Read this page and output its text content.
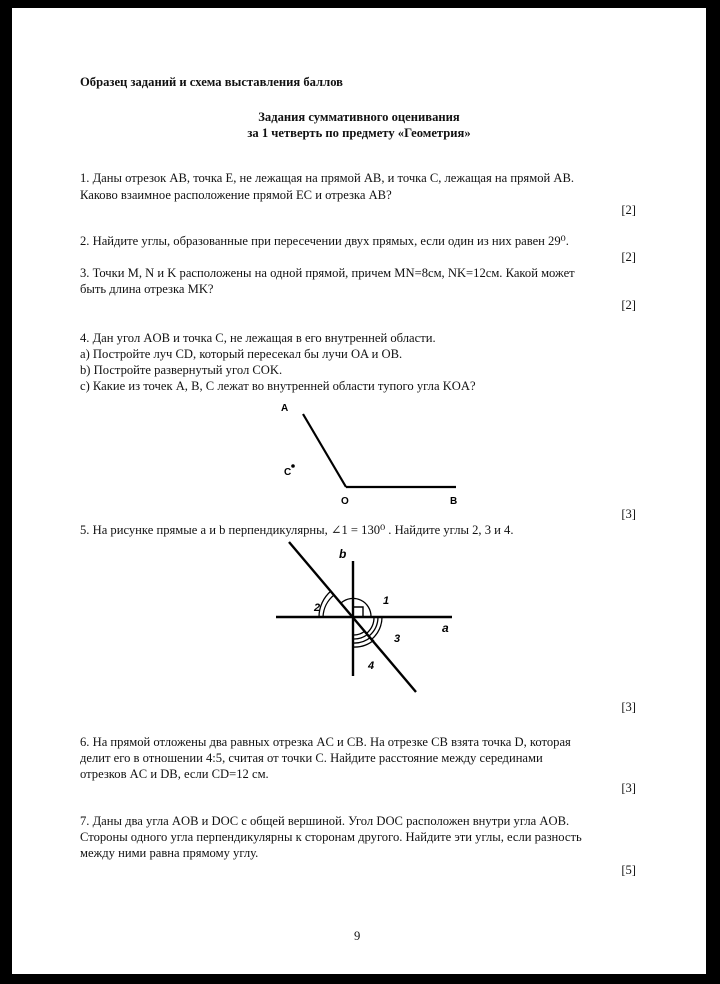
Образец заданий и схема выставления баллов
Задания суммативного оценивания
за 1 четверть по предмету «Геометрия»
1. Даны отрезок AB, точка E, не лежащая на прямой AB, и точка C, лежащая на прямой AB.
Каково взаимное расположение прямой EC и отрезка AB?
[2]
2. Найдите углы, образованные при пересечении двух прямых, если один из них равен 29⁰.
[2]
3. Точки M, N и K расположены на одной прямой, причем MN=8см, NK=12см. Какой может
быть длина отрезка MK?
[2]
4. Дан угол AOB и точка C, не лежащая в его внутренней области.
a) Постройте луч CD, который пересекал бы лучи OA и OB.
b) Постройте развернутый угол COK.
c) Какие из точек A, B, C лежат во внутренней области тупого угла KOA?
A
C
O	B
[3]
5. На рисунке прямые a и b перпендикулярны, ∠1 = 130⁰ . Найдите углы 2, 3 и 4.
b
2
1
a
3
4
[3]
6. На прямой отложены два равных отрезка AC и CB. На отрезке CB взята точка D, которая
делит его в отношении 4:5, считая от точки C. Найдите расстояние между серединами
отрезков AC и DB, если CD=12 см.
[3]
7. Даны два угла AOB и DOC с общей вершиной. Угол DOC расположен внутри угла AOB.
Стороны одного угла перпендикулярны к сторонам другого. Найдите эти углы, если разность
между ними равна прямому углу.
[5]
9
